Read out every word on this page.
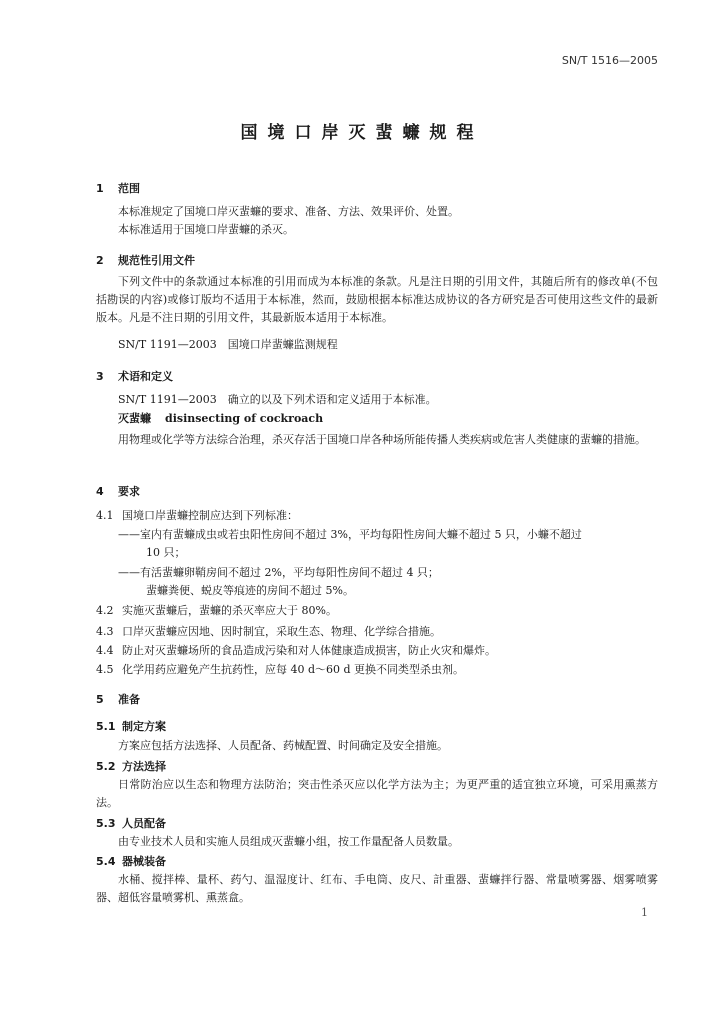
SN/T 1516—2005
国境口岸灭蜚蠊规程
1 范围
本标准规定了国境口岸灭蜚蠊的要求、准备、方法、效果评价、处置。
本标准适用于国境口岸蜚蠊的杀灭。
2 规范性引用文件
下列文件中的条款通过本标准的引用而成为本标准的条款。凡是注日期的引用文件，其随后所有的修改单(不包括勘误的内容)或修订版均不适用于本标准，然而，鼓励根据本标准达成协议的各方研究是否可使用这些文件的最新版本。凡是不注日期的引用文件，其最新版本适用于本标准。
SN/T 1191—2003　国境口岸蜚蠊监测规程
3 术语和定义
SN/T 1191—2003　确立的以及下列术语和定义适用于本标准。
灭蜚蠊 disinsecting of cockroach
用物理或化学等方法综合治理，杀灭存活于国境口岸各种场所能传播人类疾病或危害人类健康的蜚蠊的措施。
4 要求
4.1 国境口岸蜚蠊控制应达到下列标准：
——室内有蜚蠊成虫或若虫阳性房间不超过 3%，平均每阳性房间大蠊不超过 5 只，小蠊不超过
10 只；
——有活蜚蠊卵鞘房间不超过 2%，平均每阳性房间不超过 4 只；
蜚蠊粪便、蜕皮等痕迹的房间不超过 5%。
4.2 实施灭蜚蠊后，蜚蠊的杀灭率应大于 80%。
4.3 口岸灭蜚蠊应因地、因时制宜，采取生态、物理、化学综合措施。
4.4 防止对灭蜚蠊场所的食品造成污染和对人体健康造成损害，防止火灾和爆炸。
4.5 化学用药应避免产生抗药性，应每 40 d～60 d 更换不同类型杀虫剂。
5 准备
5.1 制定方案
方案应包括方法选择、人员配备、药械配置、时间确定及安全措施。
5.2 方法选择
日常防治应以生态和物理方法防治；突击性杀灭应以化学方法为主；为更严重的适宜独立环境，可采用熏蒸方法。
5.3 人员配备
由专业技术人员和实施人员组成灭蜚蠊小组，按工作量配备人员数量。
5.4 器械装备
水桶、搅拌棒、量杯、药勺、温湿度计、红布、手电筒、皮尺、計重器、蜚蠊拌行器、常量喷雾器、烟雾喷雾器、超低容量喷雾机、熏蒸盒。
1
